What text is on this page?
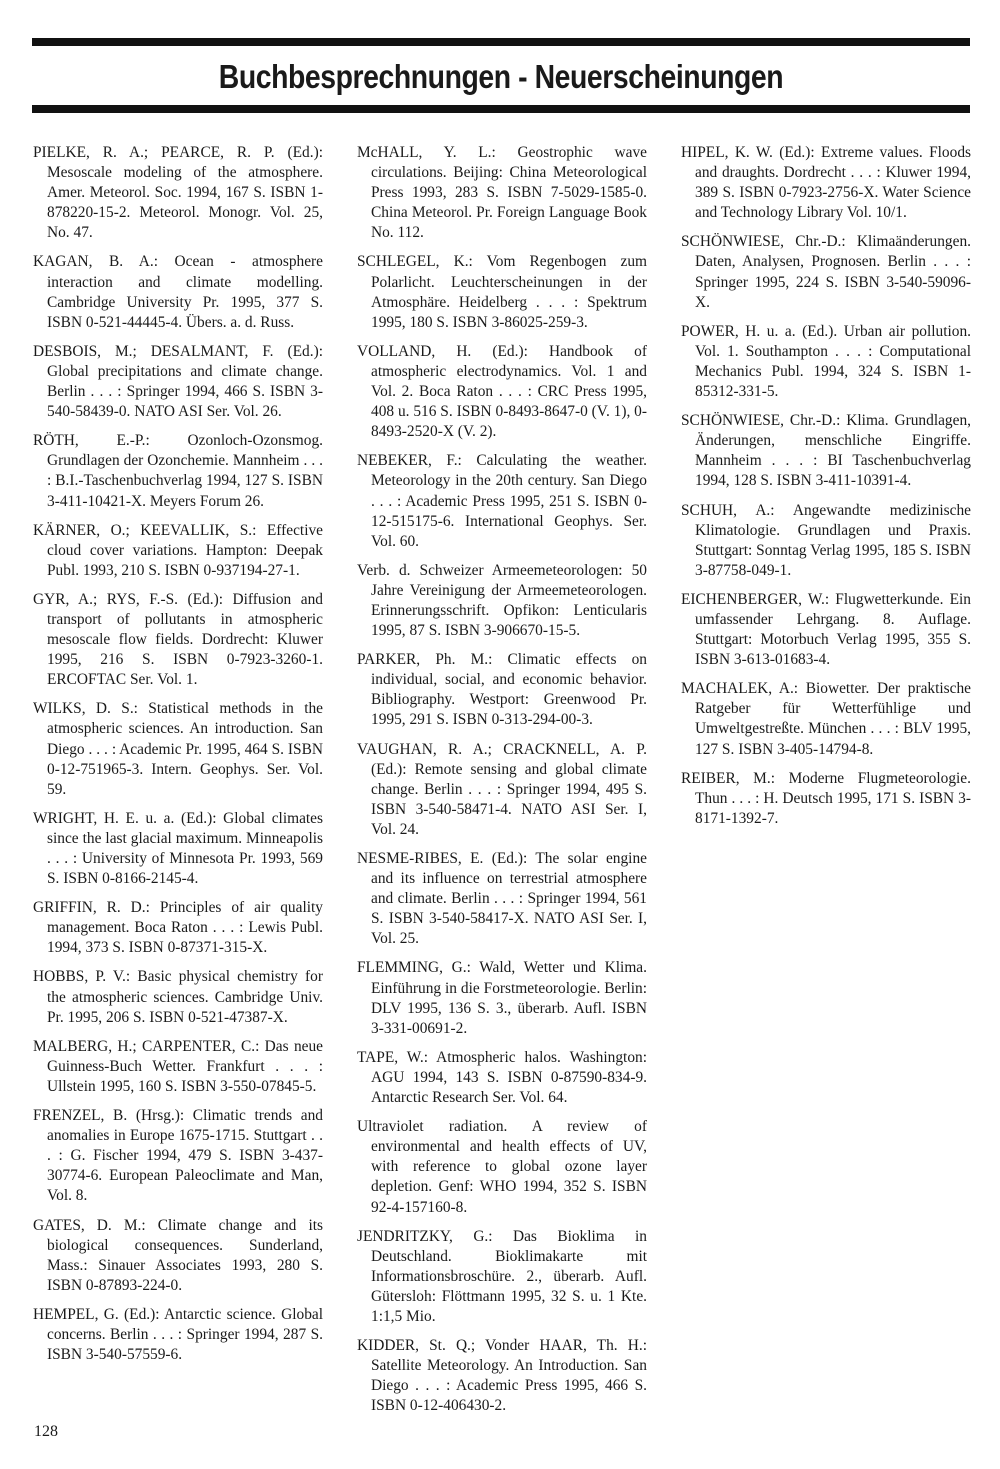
Buchbesprechnungen - Neuerscheinungen

PIELKE, R. A.; PEARCE, R. P. (Ed.): Mesoscale modeling of the atmosphere. Amer. Meteorol. Soc. 1994, 167 S. ISBN 1-878220-15-2. Meteorol. Monogr. Vol. 25, No. 47.

KAGAN, B. A.: Ocean - atmosphere interaction and climate modelling. Cambridge University Pr. 1995, 377 S. ISBN 0-521-44445-4. Übers. a. d. Russ.

DESBOIS, M.; DESALMANT, F. (Ed.): Global precipitations and climate change. Berlin . . . : Springer 1994, 466 S. ISBN 3-540-58439-0. NATO ASI Ser. Vol. 26.

RÖTH, E.-P.: Ozonloch-Ozonsmog. Grundlagen der Ozonchemie. Mannheim . . . : B.I.-Taschenbuchverlag 1994, 127 S. ISBN 3-411-10421-X. Meyers Forum 26.

KÄRNER, O.; KEEVALLIK, S.: Effective cloud cover variations. Hampton: Deepak Publ. 1993, 210 S. ISBN 0-937194-27-1.

GYR, A.; RYS, F.-S. (Ed.): Diffusion and transport of pollutants in atmospheric mesoscale flow fields. Dordrecht: Kluwer 1995, 216 S. ISBN 0-7923-3260-1. ERCOFTAC Ser. Vol. 1.

WILKS, D. S.: Statistical methods in the atmospheric sciences. An introduction. San Diego . . . : Academic Pr. 1995, 464 S. ISBN 0-12-751965-3. Intern. Geophys. Ser. Vol. 59.

WRIGHT, H. E. u. a. (Ed.): Global climates since the last glacial maximum. Minneapolis . . . : University of Minnesota Pr. 1993, 569 S. ISBN 0-8166-2145-4.

GRIFFIN, R. D.: Principles of air quality management. Boca Raton . . . : Lewis Publ. 1994, 373 S. ISBN 0-87371-315-X.

HOBBS, P. V.: Basic physical chemistry for the atmospheric sciences. Cambridge Univ. Pr. 1995, 206 S. ISBN 0-521-47387-X.

MALBERG, H.; CARPENTER, C.: Das neue Guinness-Buch Wetter. Frankfurt . . . : Ullstein 1995, 160 S. ISBN 3-550-07845-5.

FRENZEL, B. (Hrsg.): Climatic trends and anomalies in Europe 1675-1715. Stuttgart . . . : G. Fischer 1994, 479 S. ISBN 3-437-30774-6. European Paleoclimate and Man, Vol. 8.

GATES, D. M.: Climate change and its biological consequences. Sunderland, Mass.: Sinauer Associates 1993, 280 S. ISBN 0-87893-224-0.

HEMPEL, G. (Ed.): Antarctic science. Global concerns. Berlin . . . : Springer 1994, 287 S. ISBN 3-540-57559-6.

McHALL, Y. L.: Geostrophic wave circulations. Beijing: China Meteorological Press 1993, 283 S. ISBN 7-5029-1585-0. China Meteorol. Pr. Foreign Language Book No. 112.

SCHLEGEL, K.: Vom Regenbogen zum Polarlicht. Leuchterscheinungen in der Atmosphäre. Heidelberg . . . : Spektrum 1995, 180 S. ISBN 3-86025-259-3.

VOLLAND, H. (Ed.): Handbook of atmospheric electrodynamics. Vol. 1 and Vol. 2. Boca Raton . . . : CRC Press 1995, 408 u. 516 S. ISBN 0-8493-8647-0 (V. 1), 0-8493-2520-X (V. 2).

NEBEKER, F.: Calculating the weather. Meteorology in the 20th century. San Diego . . . : Academic Press 1995, 251 S. ISBN 0-12-515175-6. International Geophys. Ser. Vol. 60.

Verb. d. Schweizer Armeemeteorologen: 50 Jahre Vereinigung der Armeemeteorologen. Erinnerungsschrift. Opfikon: Lenticularis 1995, 87 S. ISBN 3-906670-15-5.

PARKER, Ph. M.: Climatic effects on individual, social, and economic behavior. Bibliography. Westport: Greenwood Pr. 1995, 291 S. ISBN 0-313-294-00-3.

VAUGHAN, R. A.; CRACKNELL, A. P. (Ed.): Remote sensing and global climate change. Berlin . . . : Springer 1994, 495 S. ISBN 3-540-58471-4. NATO ASI Ser. I, Vol. 24.

NESME-RIBES, E. (Ed.): The solar engine and its influence on terrestrial atmosphere and climate. Berlin . . . : Springer 1994, 561 S. ISBN 3-540-58417-X. NATO ASI Ser. I, Vol. 25.

FLEMMING, G.: Wald, Wetter und Klima. Einführung in die Forstmeteorologie. Berlin: DLV 1995, 136 S. 3., überarb. Aufl. ISBN 3-331-00691-2.

TAPE, W.: Atmospheric halos. Washington: AGU 1994, 143 S. ISBN 0-87590-834-9. Antarctic Research Ser. Vol. 64.

Ultraviolet radiation. A review of environmental and health effects of UV, with reference to global ozone layer depletion. Genf: WHO 1994, 352 S. ISBN 92-4-157160-8.

JENDRITZKY, G.: Das Bioklima in Deutschland. Bioklimakarte mit Informationsbroschüre. 2., überarb. Aufl. Gütersloh: Flöttmann 1995, 32 S. u. 1 Kte. 1:1,5 Mio.

KIDDER, St. Q.; Vonder HAAR, Th. H.: Satellite Meteorology. An Introduction. San Diego . . . : Academic Press 1995, 466 S. ISBN 0-12-406430-2.

HIPEL, K. W. (Ed.): Extreme values. Floods and draughts. Dordrecht . . . : Kluwer 1994, 389 S. ISBN 0-7923-2756-X. Water Science and Technology Library Vol. 10/1.

SCHÖNWIESE, Chr.-D.: Klimaänderungen. Daten, Analysen, Prognosen. Berlin . . . : Springer 1995, 224 S. ISBN 3-540-59096-X.

POWER, H. u. a. (Ed.). Urban air pollution. Vol. 1. Southampton . . . : Computational Mechanics Publ. 1994, 324 S. ISBN 1-85312-331-5.

SCHÖNWIESE, Chr.-D.: Klima. Grundlagen, Änderungen, menschliche Eingriffe. Mannheim . . . : BI Taschenbuchverlag 1994, 128 S. ISBN 3-411-10391-4.

SCHUH, A.: Angewandte medizinische Klimatologie. Grundlagen und Praxis. Stuttgart: Sonntag Verlag 1995, 185 S. ISBN 3-87758-049-1.

EICHENBERGER, W.: Flugwetterkunde. Ein umfassender Lehrgang. 8. Auflage. Stuttgart: Motorbuch Verlag 1995, 355 S. ISBN 3-613-01683-4.

MACHALEK, A.: Biowetter. Der praktische Ratgeber für Wetterfühlige und Umweltgestreßte. München . . . : BLV 1995, 127 S. ISBN 3-405-14794-8.

REIBER, M.: Moderne Flugmeteorologie. Thun . . . : H. Deutsch 1995, 171 S. ISBN 3-8171-1392-7.

128
